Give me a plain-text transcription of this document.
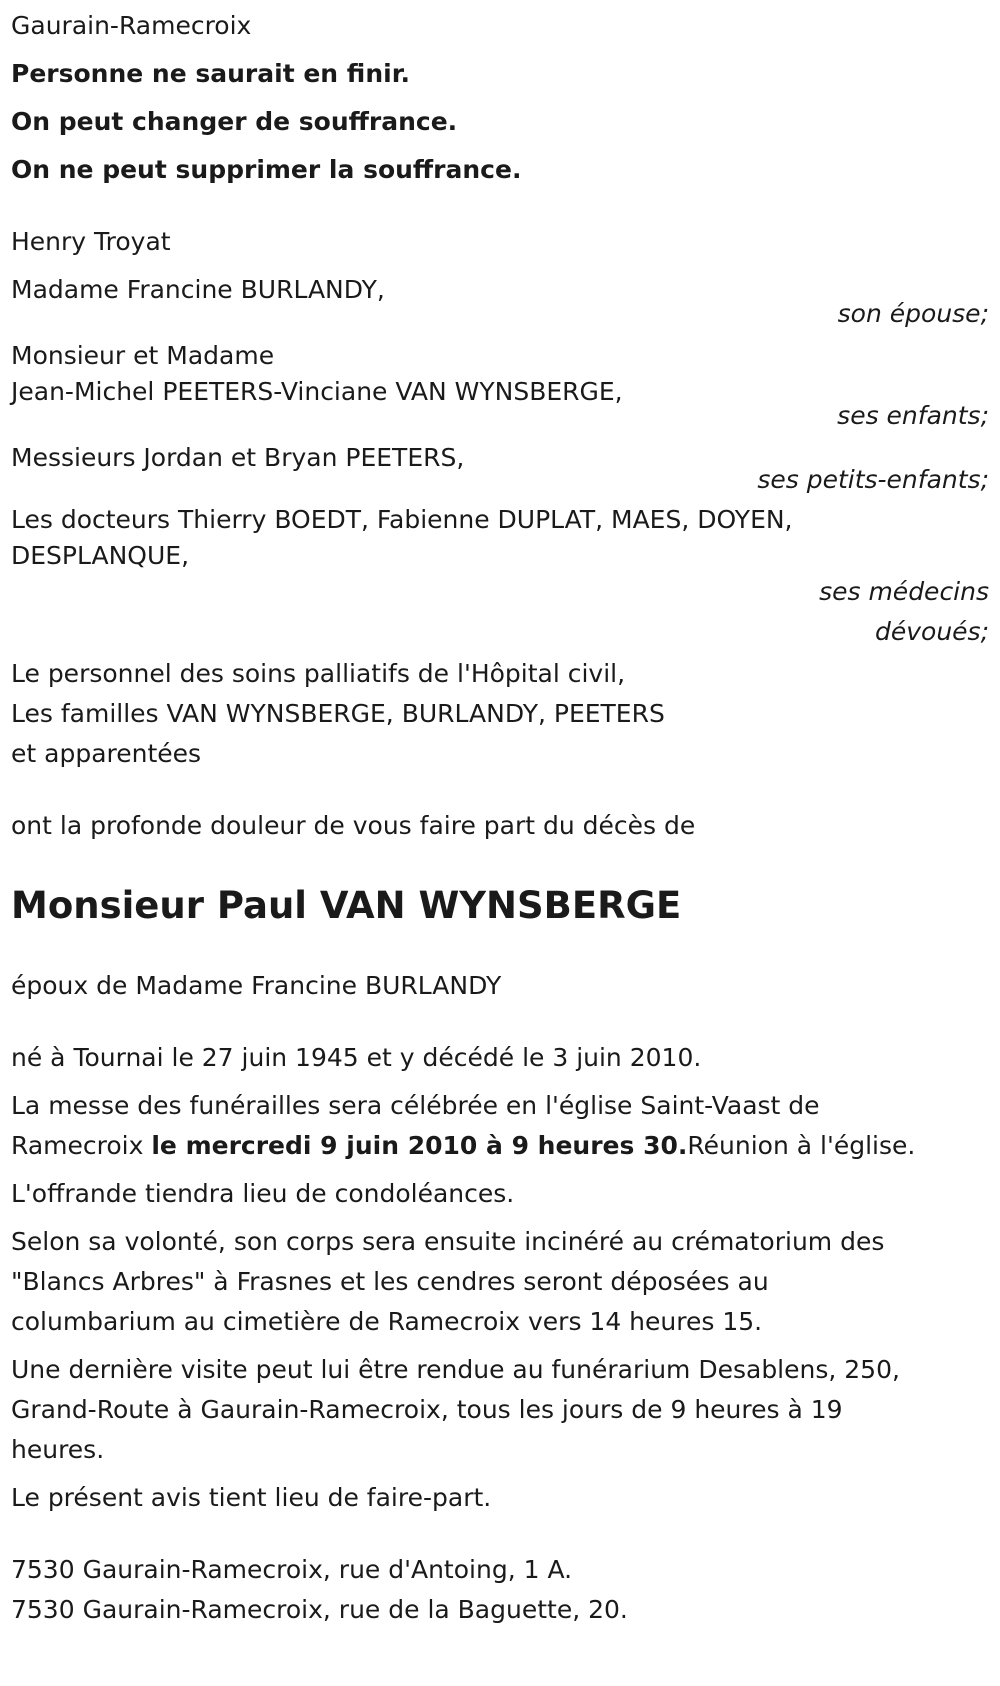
Gaurain-Ramecroix
Personne ne saurait en finir.
On peut changer de souffrance.
On ne peut supprimer la souffrance.
Henry Troyat
Madame Francine BURLANDY,
son épouse;
Monsieur et Madame
Jean-Michel PEETERS-Vinciane VAN WYNSBERGE,
ses enfants;
Messieurs Jordan et Bryan PEETERS,
ses petits-enfants;
Les docteurs Thierry BOEDT, Fabienne DUPLAT, MAES, DOYEN,
DESPLANQUE,
ses médecins
dévoués;
Le personnel des soins palliatifs de l'Hôpital civil,
Les familles VAN WYNSBERGE, BURLANDY, PEETERS
et apparentées
ont la profonde douleur de vous faire part du décès de
Monsieur Paul VAN WYNSBERGE
époux de Madame Francine BURLANDY
né à Tournai le 27 juin 1945 et y décédé le 3 juin 2010.
La messe des funérailles sera célébrée en l'église Saint-Vaast de
Ramecroix le mercredi 9 juin 2010 à 9 heures 30.Réunion à l'église.
L'offrande tiendra lieu de condoléances.
Selon sa volonté, son corps sera ensuite incinéré au crématorium des
"Blancs Arbres" à Frasnes et les cendres seront déposées au
columbarium au cimetière de Ramecroix vers 14 heures 15.
Une dernière visite peut lui être rendue au funérarium Desablens, 250,
Grand-Route à Gaurain-Ramecroix, tous les jours de 9 heures à 19
heures.
Le présent avis tient lieu de faire-part.
7530 Gaurain-Ramecroix, rue d'Antoing, 1 A.
7530 Gaurain-Ramecroix, rue de la Baguette, 20.
